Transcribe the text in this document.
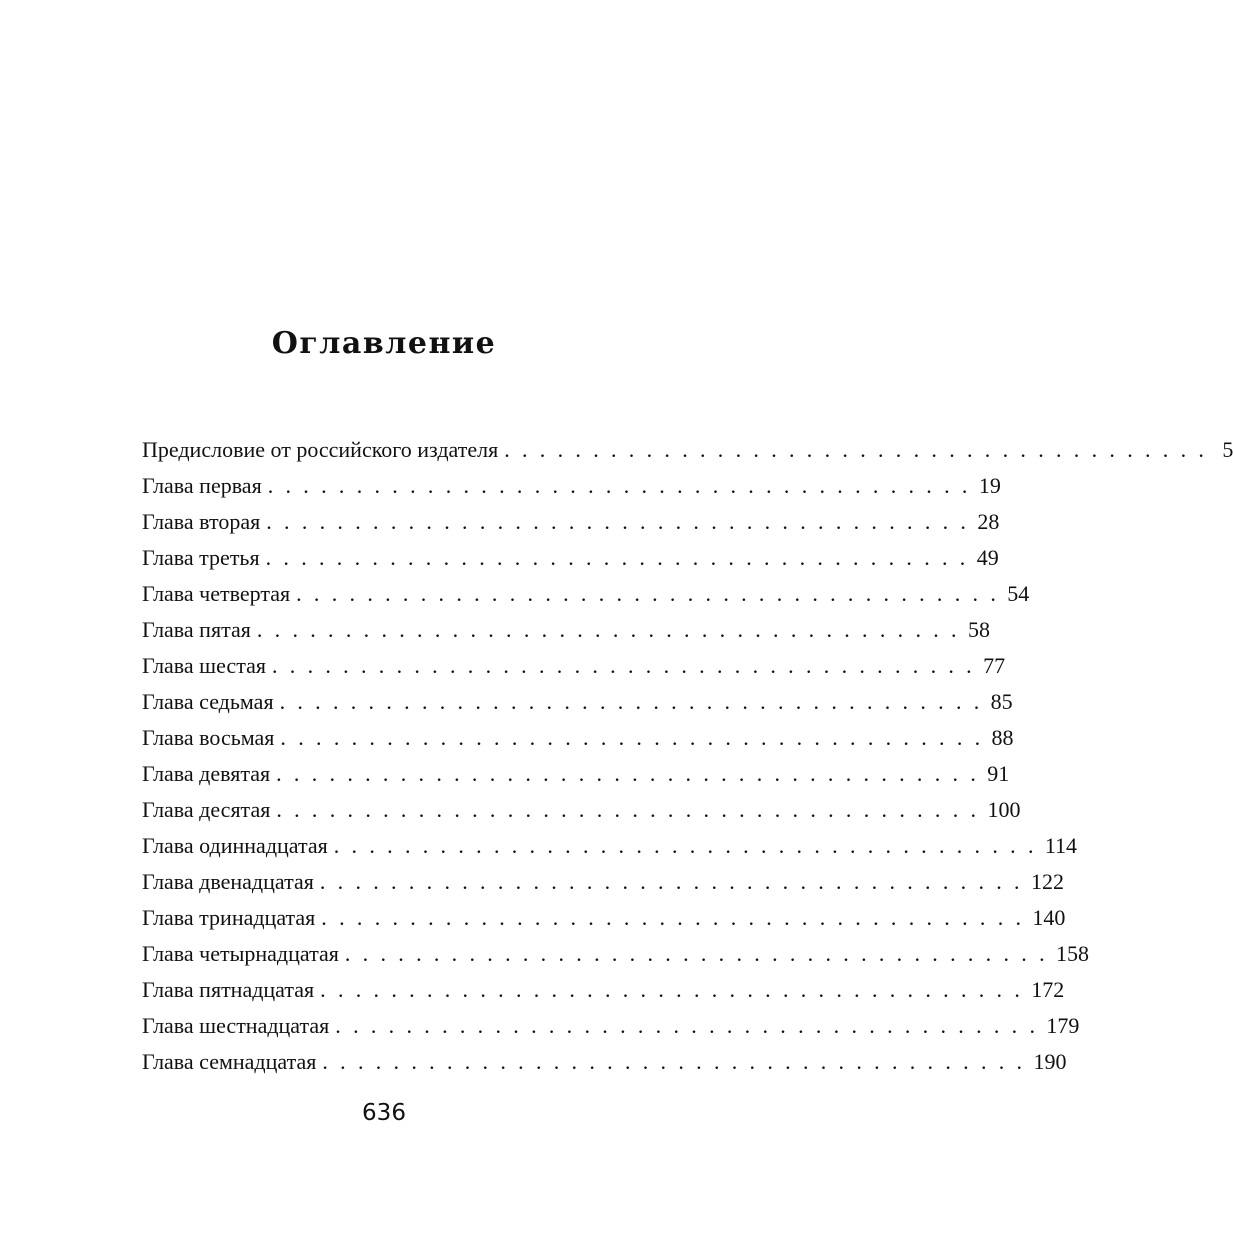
Оглавление
Предисловие от российского издателя . . . . . . . . . . . . . . . . . . . . . . . . . . . . . . . . . . . . . . . . 5
Глава первая . . . . . . . . . . . . . . . . . . . . . . . . . . . . . . . . . . . . . . . . 19
Глава вторая . . . . . . . . . . . . . . . . . . . . . . . . . . . . . . . . . . . . . . . . 28
Глава третья . . . . . . . . . . . . . . . . . . . . . . . . . . . . . . . . . . . . . . . . 49
Глава четвертая . . . . . . . . . . . . . . . . . . . . . . . . . . . . . . . . . . . . . . . . 54
Глава пятая . . . . . . . . . . . . . . . . . . . . . . . . . . . . . . . . . . . . . . . . 58
Глава шестая . . . . . . . . . . . . . . . . . . . . . . . . . . . . . . . . . . . . . . . . 77
Глава седьмая . . . . . . . . . . . . . . . . . . . . . . . . . . . . . . . . . . . . . . . . 85
Глава восьмая . . . . . . . . . . . . . . . . . . . . . . . . . . . . . . . . . . . . . . . . 88
Глава девятая . . . . . . . . . . . . . . . . . . . . . . . . . . . . . . . . . . . . . . . . 91
Глава десятая . . . . . . . . . . . . . . . . . . . . . . . . . . . . . . . . . . . . . . . . 100
Глава одиннадцатая . . . . . . . . . . . . . . . . . . . . . . . . . . . . . . . . . . . . . . . . 114
Глава двенадцатая . . . . . . . . . . . . . . . . . . . . . . . . . . . . . . . . . . . . . . . . 122
Глава тринадцатая . . . . . . . . . . . . . . . . . . . . . . . . . . . . . . . . . . . . . . . . 140
Глава четырнадцатая . . . . . . . . . . . . . . . . . . . . . . . . . . . . . . . . . . . . . . . . 158
Глава пятнадцатая . . . . . . . . . . . . . . . . . . . . . . . . . . . . . . . . . . . . . . . . 172
Глава шестнадцатая . . . . . . . . . . . . . . . . . . . . . . . . . . . . . . . . . . . . . . . . 179
Глава семнадцатая . . . . . . . . . . . . . . . . . . . . . . . . . . . . . . . . . . . . . . . . 190
636
